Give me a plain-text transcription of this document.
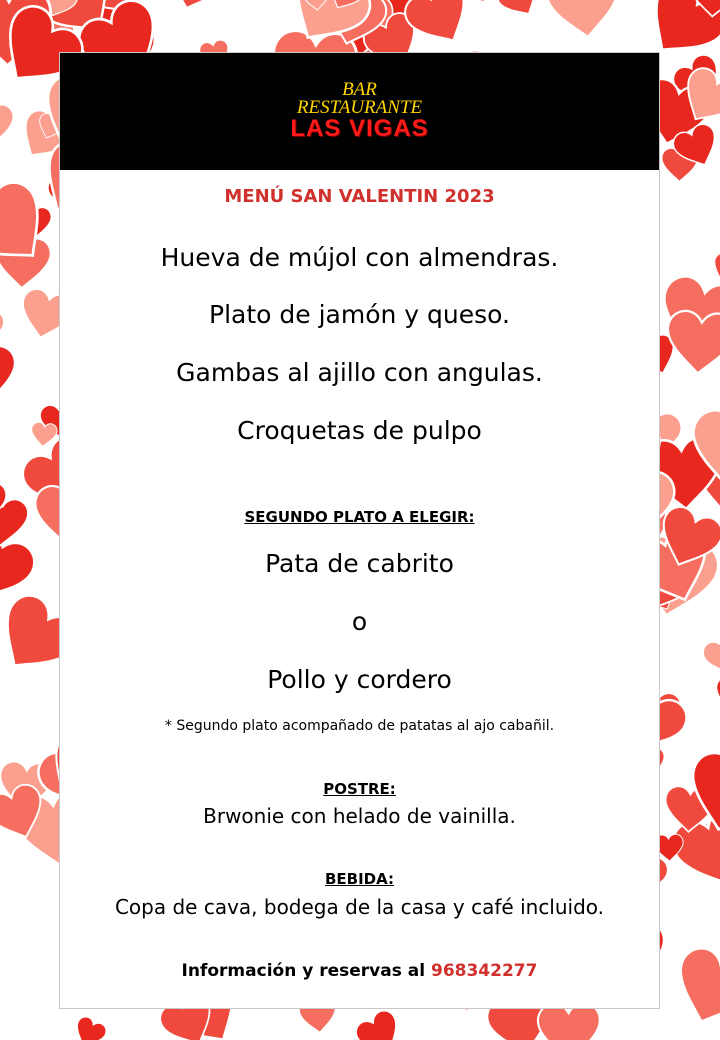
BAR
RESTAURANTE
LAS VIGAS
MENÚ SAN VALENTIN 2023
Hueva de mújol con almendras.
Plato de jamón y queso.
Gambas al ajillo con angulas.
Croquetas de pulpo
SEGUNDO PLATO A ELEGIR:
Pata de cabrito
o
Pollo y cordero
* Segundo plato acompañado de patatas al ajo cabañil.
POSTRE:
Brwonie con helado de vainilla.
BEBIDA:
Copa de cava, bodega de la casa y café incluido.
Información y reservas al 968342277
